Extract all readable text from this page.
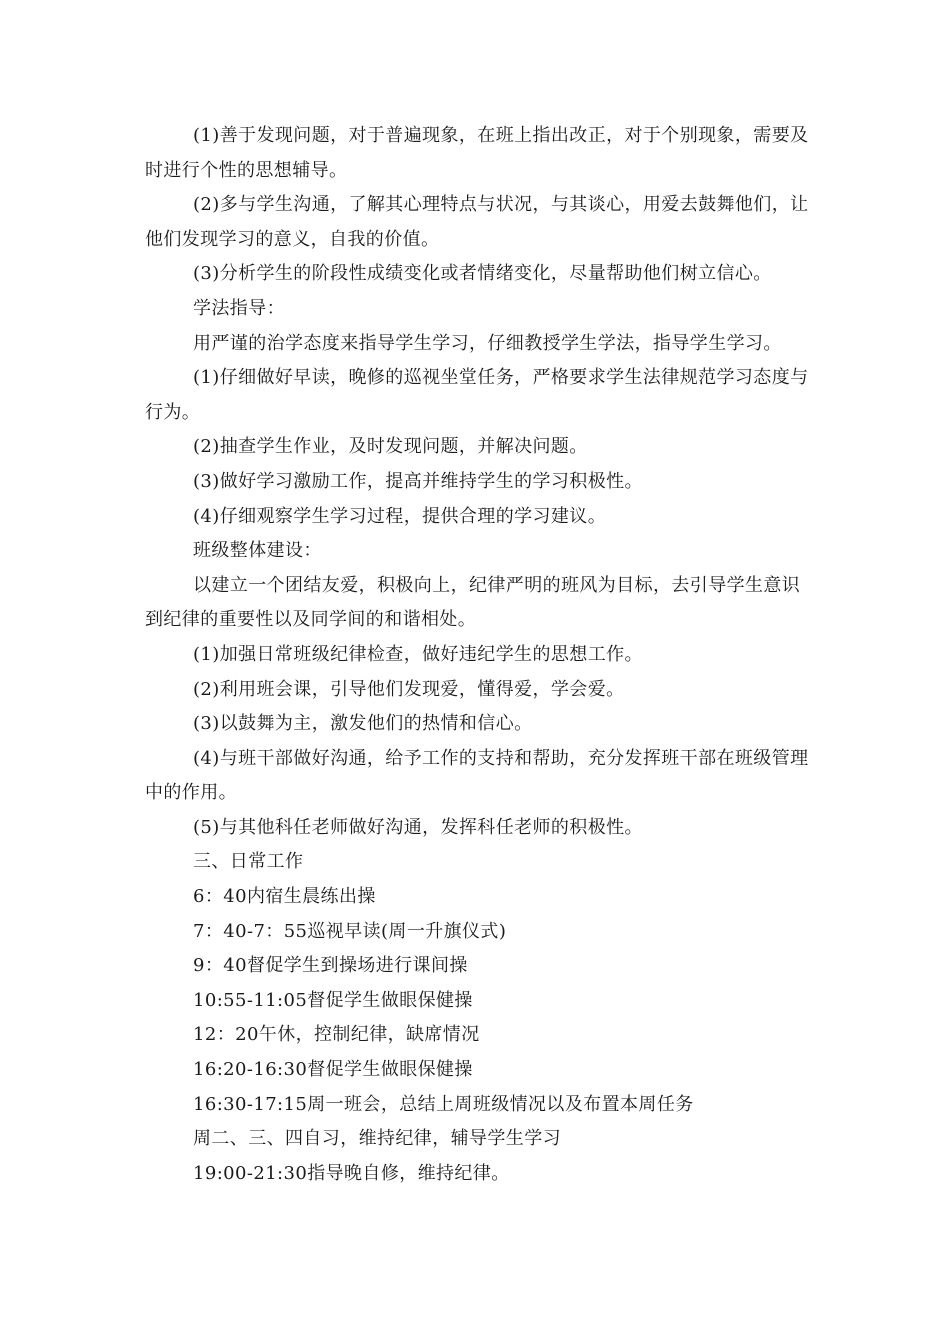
(1)善于发现问题，对于普遍现象，在班上指出改正，对于个别现象，需要及时进行个性的思想辅导。

(2)多与学生沟通，了解其心理特点与状况，与其谈心，用爱去鼓舞他们，让他们发现学习的意义，自我的价值。

(3)分析学生的阶段性成绩变化或者情绪变化，尽量帮助他们树立信心。

学法指导：

用严谨的治学态度来指导学生学习，仔细教授学生学法，指导学生学习。

(1)仔细做好早读，晚修的巡视坐堂任务，严格要求学生法律规范学习态度与行为。

(2)抽查学生作业，及时发现问题，并解决问题。

(3)做好学习激励工作，提高并维持学生的学习积极性。

(4)仔细观察学生学习过程，提供合理的学习建议。

班级整体建设：

以建立一个团结友爱，积极向上，纪律严明的班风为目标，去引导学生意识到纪律的重要性以及同学间的和谐相处。

(1)加强日常班级纪律检查，做好违纪学生的思想工作。

(2)利用班会课，引导他们发现爱，懂得爱，学会爱。

(3)以鼓舞为主，激发他们的热情和信心。

(4)与班干部做好沟通，给予工作的支持和帮助，充分发挥班干部在班级管理中的作用。

(5)与其他科任老师做好沟通，发挥科任老师的积极性。

三、日常工作

6：40内宿生晨练出操

7：40-7：55巡视早读(周一升旗仪式)

9：40督促学生到操场进行课间操

10:55-11:05督促学生做眼保健操

12：20午休，控制纪律，缺席情况

16:20-16:30督促学生做眼保健操

16:30-17:15周一班会，总结上周班级情况以及布置本周任务

周二、三、四自习，维持纪律，辅导学生学习

19:00-21:30指导晚自修，维持纪律。
